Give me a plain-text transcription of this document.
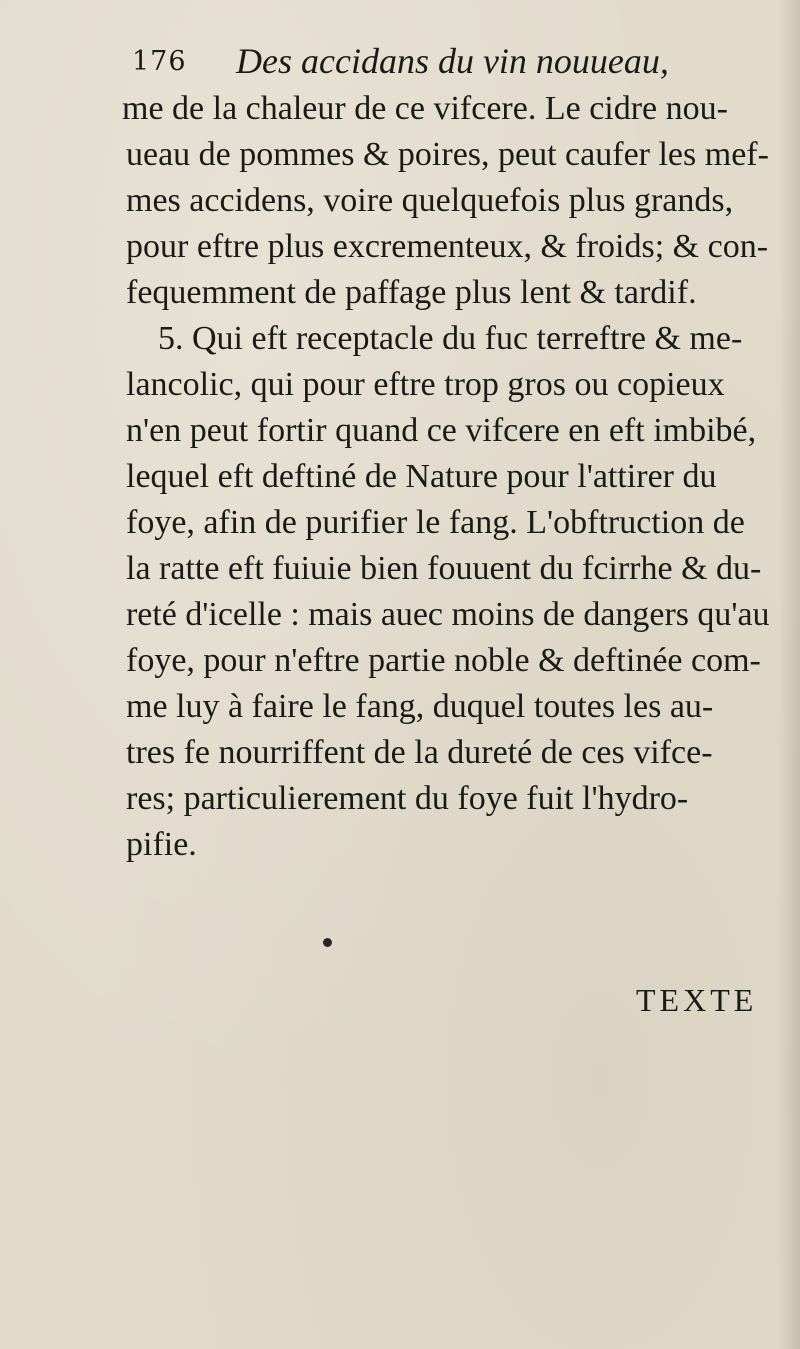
176 Des accidans du vin nouueau,
me de la chaleur de ce vifcere. Le cidre nou-
ueau de pommes & poires, peut caufer les mef-
mes accidens, voire quelquefois plus grands,
pour eftre plus excrementeux, & froids; & con-
fequemment de paffage plus lent & tardif.
5. Qui eft receptacle du fuc terreftre & me-
lancolic, qui pour eftre trop gros ou copieux
n'en peut fortir quand ce vifcere en eft imbibé,
lequel eft deftiné de Nature pour l'attirer du
foye, afin de purifier le fang. L'obftruction de
la ratte eft fuiuie bien fouuent du fcirrhe & du-
reté d'icelle : mais auec moins de dangers qu'au
foye, pour n'eftre partie noble & deftinée com-
me luy à faire le fang, duquel toutes les au-
tres fe nourriffent de la dureté de ces vifce-
res; particulierement du foye fuit l'hydro-
pifie.
TEXTE
